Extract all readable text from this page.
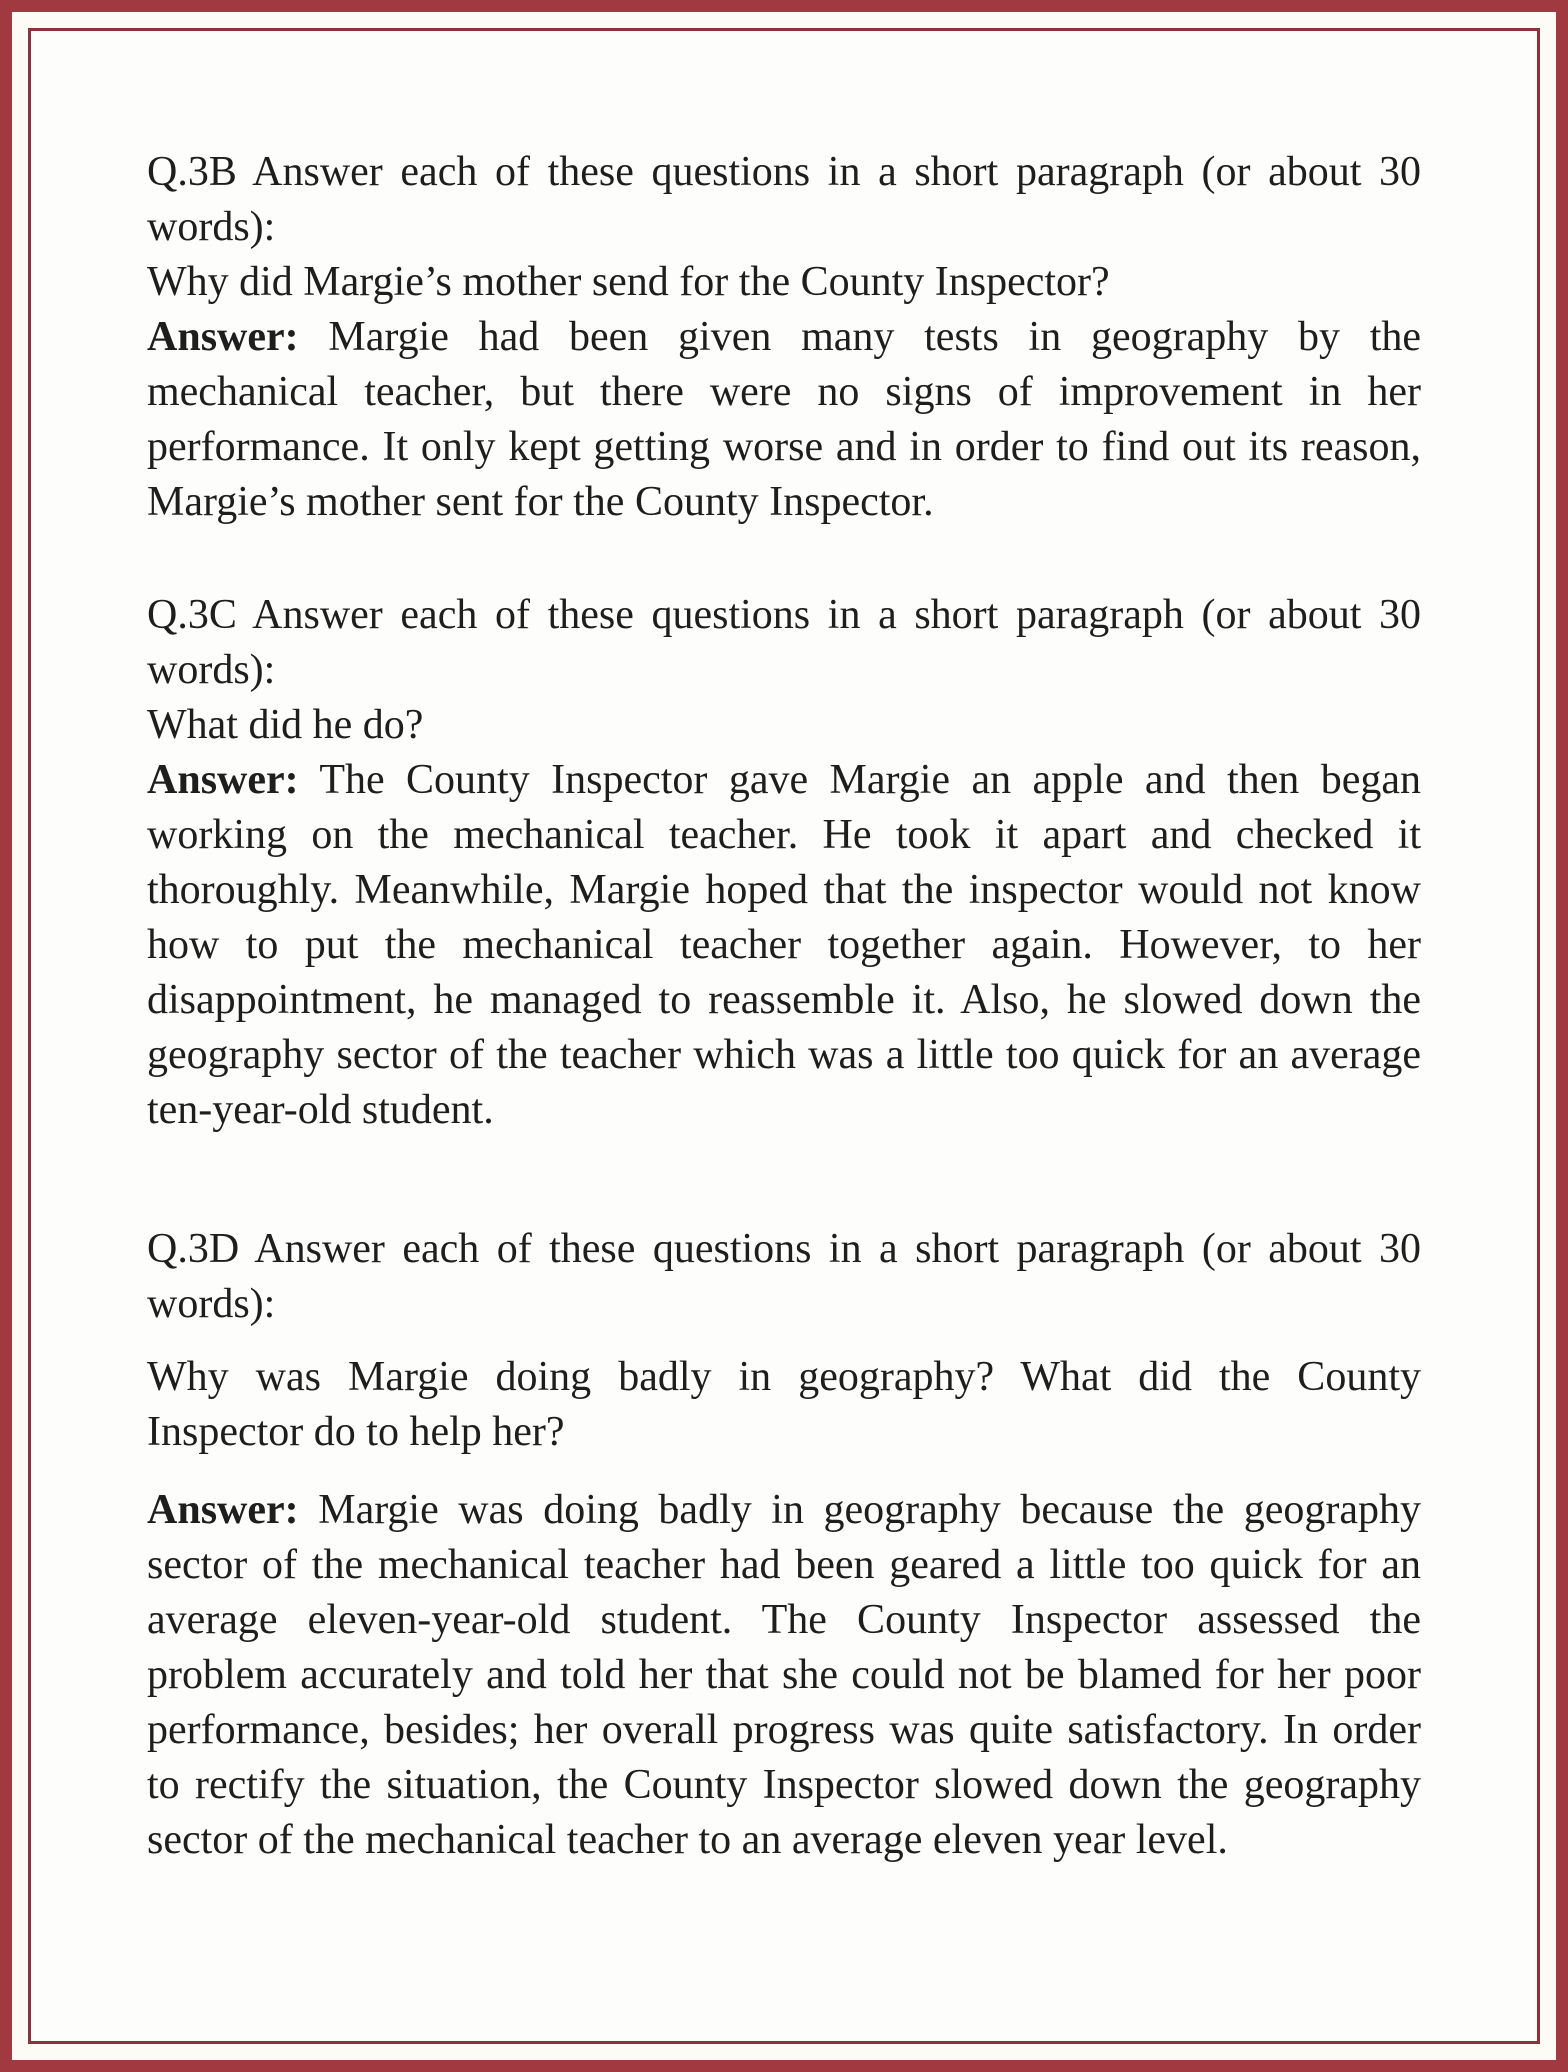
Q.3B Answer each of these questions in a short paragraph (or about 30
words):
Why did Margie’s mother send for the County Inspector?
Answer: Margie had been given many tests in geography by the
mechanical teacher, but there were no signs of improvement in her
performance. It only kept getting worse and in order to find out its reason,
Margie’s mother sent for the County Inspector.
Q.3C Answer each of these questions in a short paragraph (or about 30
words):
What did he do?
Answer: The County Inspector gave Margie an apple and then began
working on the mechanical teacher. He took it apart and checked it
thoroughly. Meanwhile, Margie hoped that the inspector would not know
how to put the mechanical teacher together again. However, to her
disappointment, he managed to reassemble it. Also, he slowed down the
geography sector of the teacher which was a little too quick for an average
ten-year-old student.
Q.3D Answer each of these questions in a short paragraph (or about 30
words):
Why was Margie doing badly in geography? What did the County
Inspector do to help her?
Answer: Margie was doing badly in geography because the geography
sector of the mechanical teacher had been geared a little too quick for an
average eleven-year-old student. The County Inspector assessed the
problem accurately and told her that she could not be blamed for her poor
performance, besides; her overall progress was quite satisfactory. In order
to rectify the situation, the County Inspector slowed down the geography
sector of the mechanical teacher to an average eleven year level.
